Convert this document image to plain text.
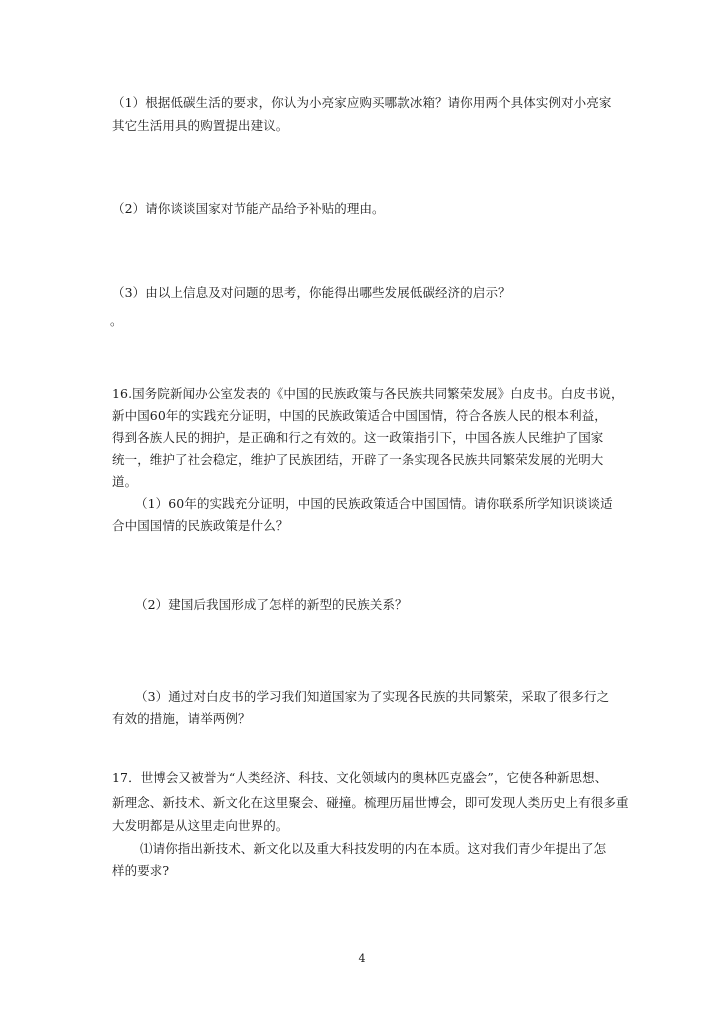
（1）根据低碳生活的要求，你认为小亮家应购买哪款冰箱？请你用两个具体实例对小亮家
其它生活用具的购置提出建议。
（2）请你谈谈国家对节能产品给予补贴的理由。
（3）由以上信息及对问题的思考，你能得出哪些发展低碳经济的启示？
。
16.国务院新闻办公室发表的《中国的民族政策与各民族共同繁荣发展》白皮书。白皮书说，
新中国60年的实践充分证明，中国的民族政策适合中国国情，符合各族人民的根本利益，
得到各族人民的拥护，是正确和行之有效的。这一政策指引下，中国各族人民维护了国家
统一，维护了社会稳定，维护了民族团结，开辟了一条实现各民族共同繁荣发展的光明大
道。
（1）60年的实践充分证明，中国的民族政策适合中国国情。请你联系所学知识谈谈适
合中国国情的民族政策是什么？
（2）建国后我国形成了怎样的新型的民族关系？
（3）通过对白皮书的学习我们知道国家为了实现各民族的共同繁荣，采取了很多行之
有效的措施，请举两例？
17．世博会又被誉为“人类经济、科技、文化领域内的奥林匹克盛会”，它使各种新思想、
新理念、新技术、新文化在这里聚会、碰撞。梳理历届世博会，即可发现人类历史上有很多重
大发明都是从这里走向世界的。
⑴请你指出新技术、新文化以及重大科技发明的内在本质。这对我们青少年提出了怎
样的要求?
4
